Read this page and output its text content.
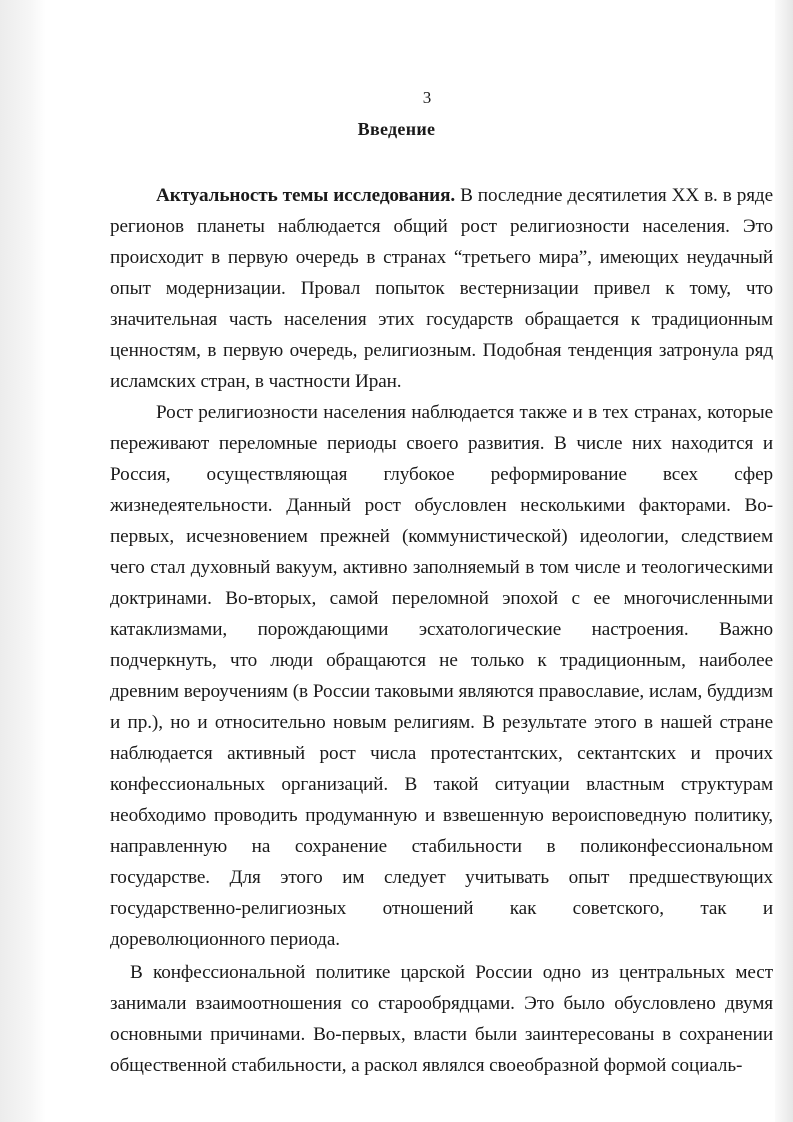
3
Введение

Актуальность темы исследования. В последние десятилетия XX в. в ряде регионов планеты наблюдается общий рост религиозности населения. Это происходит в первую очередь в странах “третьего мира”, имеющих неудачный опыт модернизации. Провал попыток вестернизации привел к тому, что значительная часть населения этих государств обращается к традиционным ценностям, в первую очередь, религиозным. Подобная тенденция затронула ряд исламских стран, в частности Иран.

Рост религиозности населения наблюдается также и в тех странах, которые переживают переломные периоды своего развития. В числе них находится и Россия, осуществляющая глубокое реформирование всех сфер жизнедеятельности. Данный рост обусловлен несколькими факторами. Во-первых, исчезновением прежней (коммунистической) идеологии, следствием чего стал духовный вакуум, активно заполняемый в том числе и теологическими доктринами. Во-вторых, самой переломной эпохой с ее многочисленными катаклизмами, порождающими эсхатологические настроения. Важно подчеркнуть, что люди обращаются не только к традиционным, наиболее древним вероучениям (в России таковыми являются православие, ислам, буддизм и пр.), но и относительно новым религиям. В результате этого в нашей стране наблюдается активный рост числа протестантских, сектантских и прочих конфессиональных организаций. В такой ситуации властным структурам необходимо проводить продуманную и взвешенную вероисповедную политику, направленную на сохранение стабильности в поликонфессиональном государстве. Для этого им следует учитывать опыт предшествующих государственно-религиозных отношений как советского, так и дореволюционного периода.

В конфессиональной политике царской России одно из центральных мест занимали взаимоотношения со старообрядцами. Это было обусловлено двумя основными причинами. Во-первых, власти были заинтересованы в сохранении общественной стабильности, а раскол являлся своеобразной формой социаль-
